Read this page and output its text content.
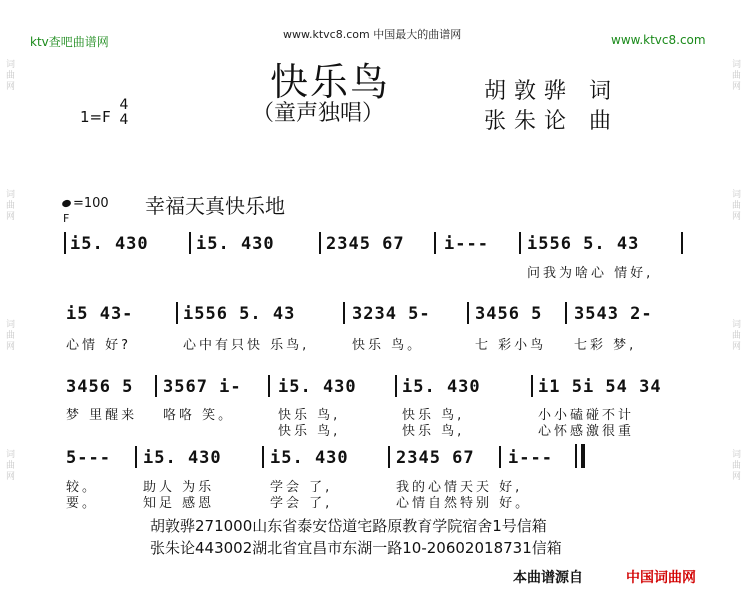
词曲网
词曲网
词曲网
词曲网
词曲网
词曲网
词曲网
词曲网
ktv查吧曲谱网
www.ktvc8.com 中国最大的曲谱网	www.ktvc8.com
快乐鸟
（童声独唱）
胡敦骅 词
张朱论 曲
1=F
4
4
=100
F
幸福天真快乐地
i5. 430	i5. 430	2345 67 i--- i556 5. 43
问我为啥心 情好,
i5 43-	i556 5. 43	3234 5-	3456 5 3543 2-
心情 好?	心中有只快 乐鸟,	快乐 鸟。	七 彩小鸟 七彩 梦,
3456 5 3567 i- i5. 430	i5. 430	i1 5i 54 34
梦 里醒来 咯咯 笑。	快乐 鸟,	快乐 鸟,	小小磕碰不计
快乐 鸟,	快乐 鸟,	心怀感激很重
5--- i5. 430	i5. 430	2345 67 i---
较。	助人 为乐	学会 了,	我的心情天天 好,
要。	知足 感恩	学会 了,	心情自然特别 好。
胡敦骅271000山东省泰安岱道宅路原教育学院宿舍1号信箱
张朱论443002湖北省宜昌市东湖一路10-20602018731信箱
本曲谱源自	中国词曲网
